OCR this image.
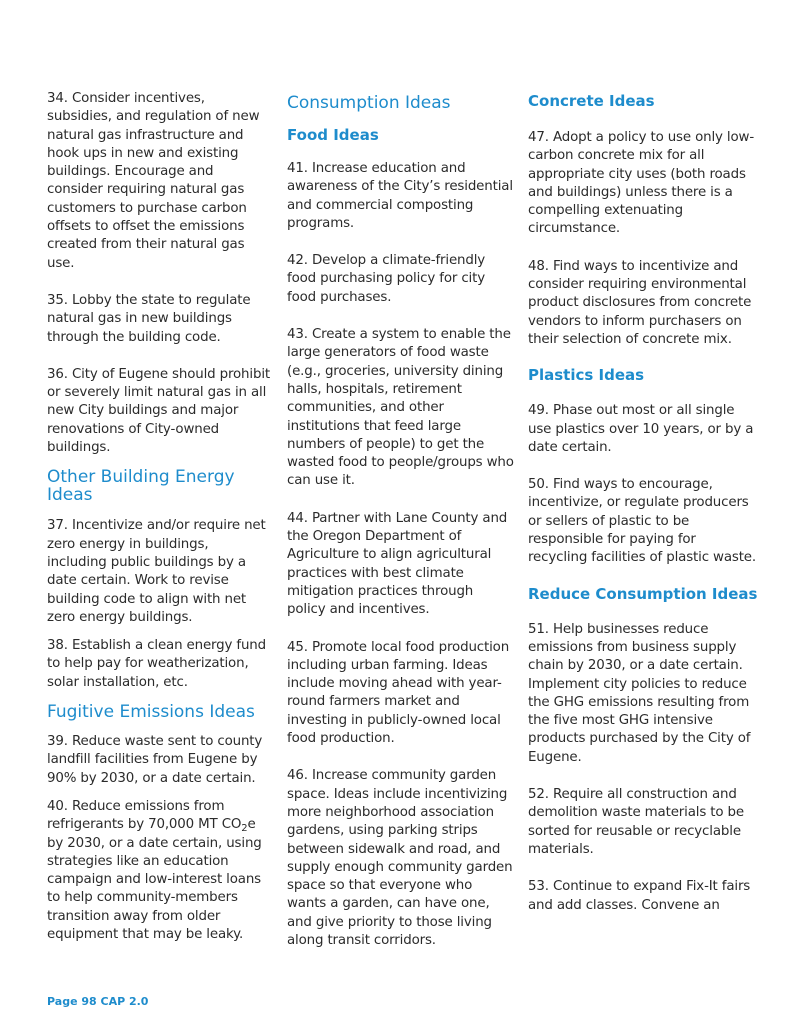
34. Consider incentives, subsidies, and regulation of new natural gas infrastructure and hook ups in new and existing buildings. Encourage and consider requiring natural gas customers to purchase carbon offsets to offset the emissions created from their natural gas use.

35. Lobby the state to regulate natural gas in new buildings through the building code.

36. City of Eugene should prohibit or severely limit natural gas in all new City buildings and major renovations of City-owned buildings.

Other Building Energy Ideas

37. Incentivize and/or require net zero energy in buildings, including public buildings by a date certain. Work to revise building code to align with net zero energy buildings.

38. Establish a clean energy fund to help pay for weatherization, solar installation, etc.

Fugitive Emissions Ideas

39. Reduce waste sent to county landfill facilities from Eugene by 90% by 2030, or a date certain.

40. Reduce emissions from refrigerants by 70,000 MT $CO_2e$ by 2030, or a date certain, using strategies like an education campaign and low-interest loans to help community-members transition away from older equipment that may be leaky.

Consumption Ideas
Food Ideas

41. Increase education and awareness of the City’s residential and commercial composting programs.

42. Develop a climate-friendly food purchasing policy for city food purchases.

43. Create a system to enable the large generators of food waste (e.g., groceries, university dining halls, hospitals, retirement communities, and other institutions that feed large numbers of people) to get the wasted food to people/groups who can use it.

44. Partner with Lane County and the Oregon Department of Agriculture to align agricultural practices with best climate mitigation practices through policy and incentives.

45. Promote local food production including urban farming. Ideas include moving ahead with year-round farmers market and investing in publicly-owned local food production.

46. Increase community garden space. Ideas include incentivizing more neighborhood association gardens, using parking strips between sidewalk and road, and supply enough community garden space so that everyone who wants a garden, can have one, and give priority to those living along transit corridors.

Concrete Ideas

47. Adopt a policy to use only low-carbon concrete mix for all appropriate city uses (both roads and buildings) unless there is a compelling extenuating circumstance.

48. Find ways to incentivize and consider requiring environmental product disclosures from concrete vendors to inform purchasers on their selection of concrete mix.

Plastics Ideas

49. Phase out most or all single use plastics over 10 years, or by a date certain.

50. Find ways to encourage, incentivize, or regulate producers or sellers of plastic to be responsible for paying for recycling facilities of plastic waste.

Reduce Consumption Ideas

51. Help businesses reduce emissions from business supply chain by 2030, or a date certain. Implement city policies to reduce the GHG emissions resulting from the five most GHG intensive products purchased by the City of Eugene.

52. Require all construction and demolition waste materials to be sorted for reusable or recyclable materials.

53. Continue to expand Fix-It fairs and add classes. Convene an

Page 98 CAP 2.0
